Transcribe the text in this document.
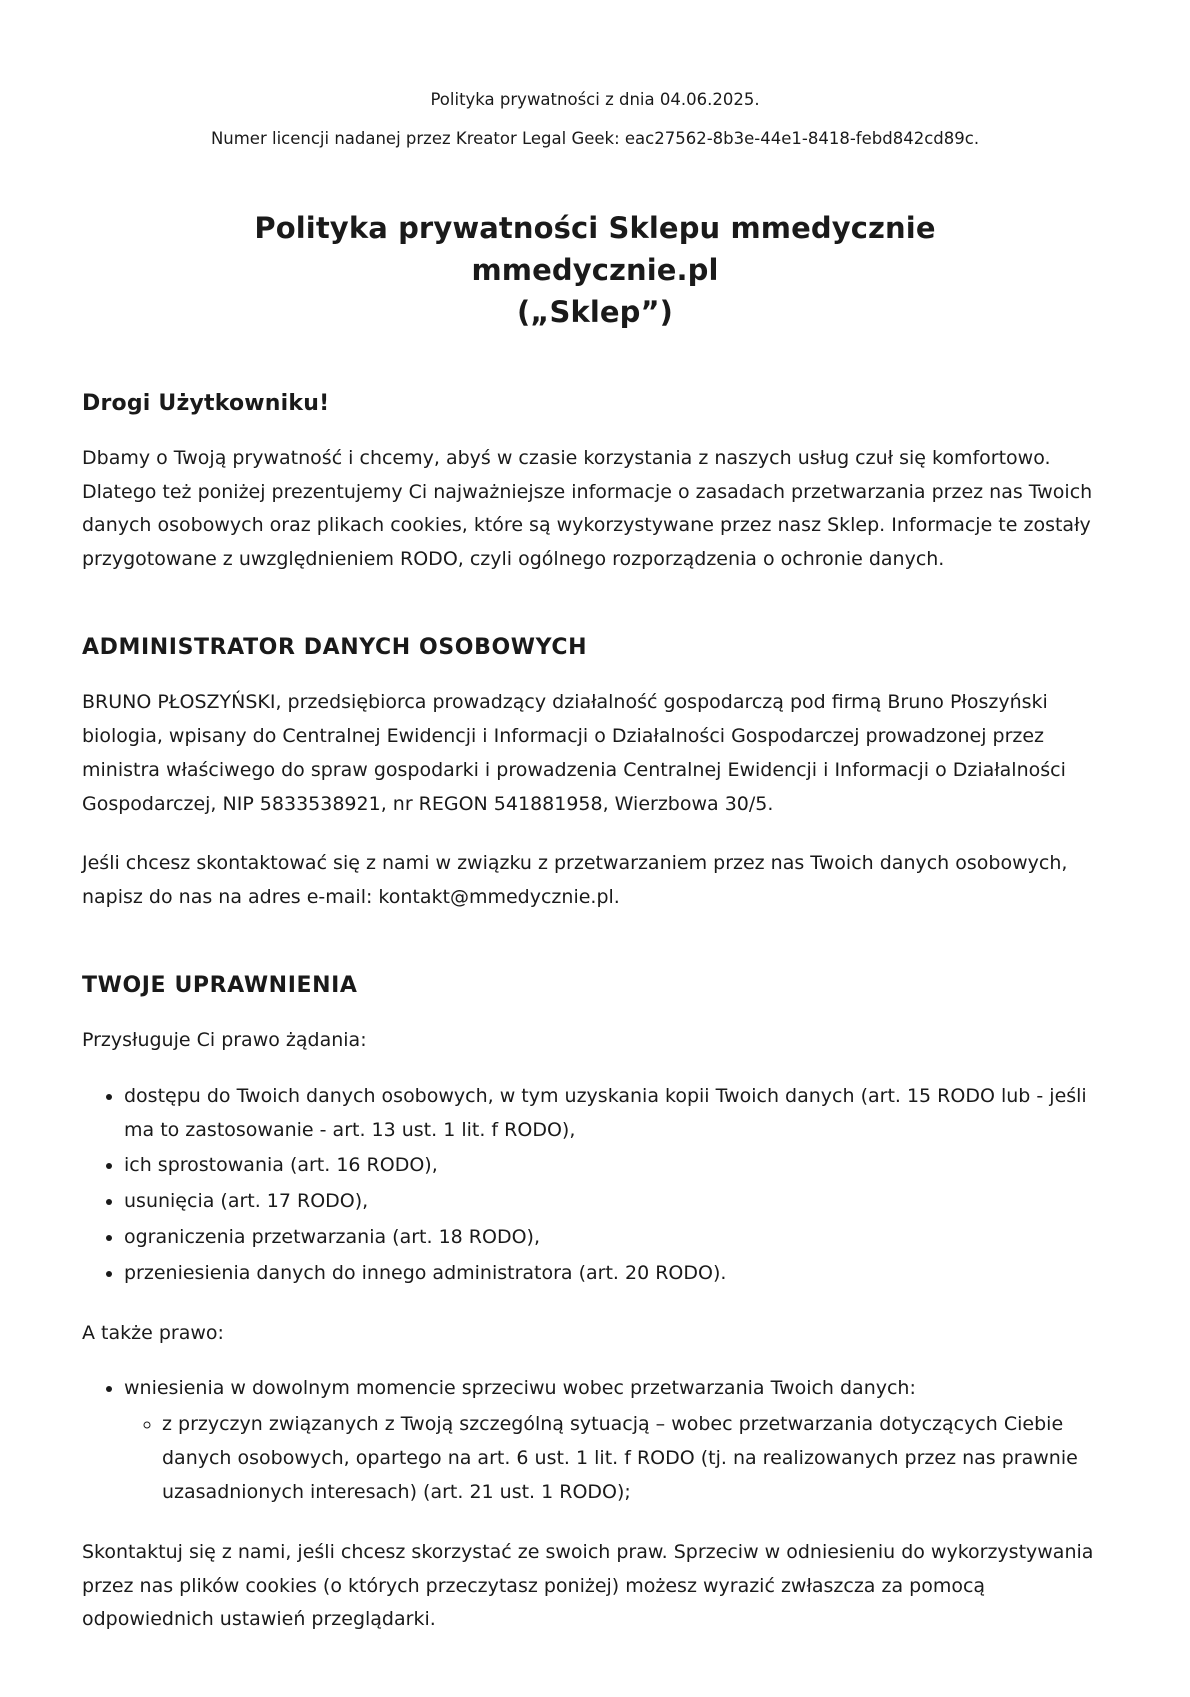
Polityka prywatności z dnia 04.06.2025.

Numer licencji nadanej przez Kreator Legal Geek: eac27562-8b3e-44e1-8418-febd842cd89c.

Polityka prywatności Sklepu mmedycznie
mmedycznie.pl
(„Sklep”)
Drogi Użytkowniku!

Dbamy o Twoją prywatność i chcemy, abyś w czasie korzystania z naszych usług czuł się komfortowo. Dlatego też poniżej prezentujemy Ci najważniejsze informacje o zasadach przetwarzania przez nas Twoich danych osobowych oraz plikach cookies, które są wykorzystywane przez nasz Sklep. Informacje te zostały przygotowane z uwzględnieniem RODO, czyli ogólnego rozporządzenia o ochronie danych.

ADMINISTRATOR DANYCH OSOBOWYCH

BRUNO PŁOSZYŃSKI, przedsiębiorca prowadzący działalność gospodarczą pod firmą Bruno Płoszyński biologia, wpisany do Centralnej Ewidencji i Informacji o Działalności Gospodarczej prowadzonej przez ministra właściwego do spraw gospodarki i prowadzenia Centralnej Ewidencji i Informacji o Działalności Gospodarczej, NIP 5833538921, nr REGON 541881958, Wierzbowa 30/5.

Jeśli chcesz skontaktować się z nami w związku z przetwarzaniem przez nas Twoich danych osobowych, napisz do nas na adres e-mail: kontakt@mmedycznie.pl.

TWOJE UPRAWNIENIA

Przysługuje Ci prawo żądania:

• dostępu do Twoich danych osobowych, w tym uzyskania kopii Twoich danych (art. 15 RODO lub - jeśli ma to zastosowanie - art. 13 ust. 1 lit. f RODO),
• ich sprostowania (art. 16 RODO),
• usunięcia (art. 17 RODO),
• ograniczenia przetwarzania (art. 18 RODO),
• przeniesienia danych do innego administratora (art. 20 RODO).

A także prawo:

• wniesienia w dowolnym momencie sprzeciwu wobec przetwarzania Twoich danych:
◦ z przyczyn związanych z Twoją szczególną sytuacją – wobec przetwarzania dotyczących Ciebie danych osobowych, opartego na art. 6 ust. 1 lit. f RODO (tj. na realizowanych przez nas prawnie uzasadnionych interesach) (art. 21 ust. 1 RODO);

Skontaktuj się z nami, jeśli chcesz skorzystać ze swoich praw. Sprzeciw w odniesieniu do wykorzystywania przez nas plików cookies (o których przeczytasz poniżej) możesz wyrazić zwłaszcza za pomocą odpowiednich ustawień przeglądarki.
